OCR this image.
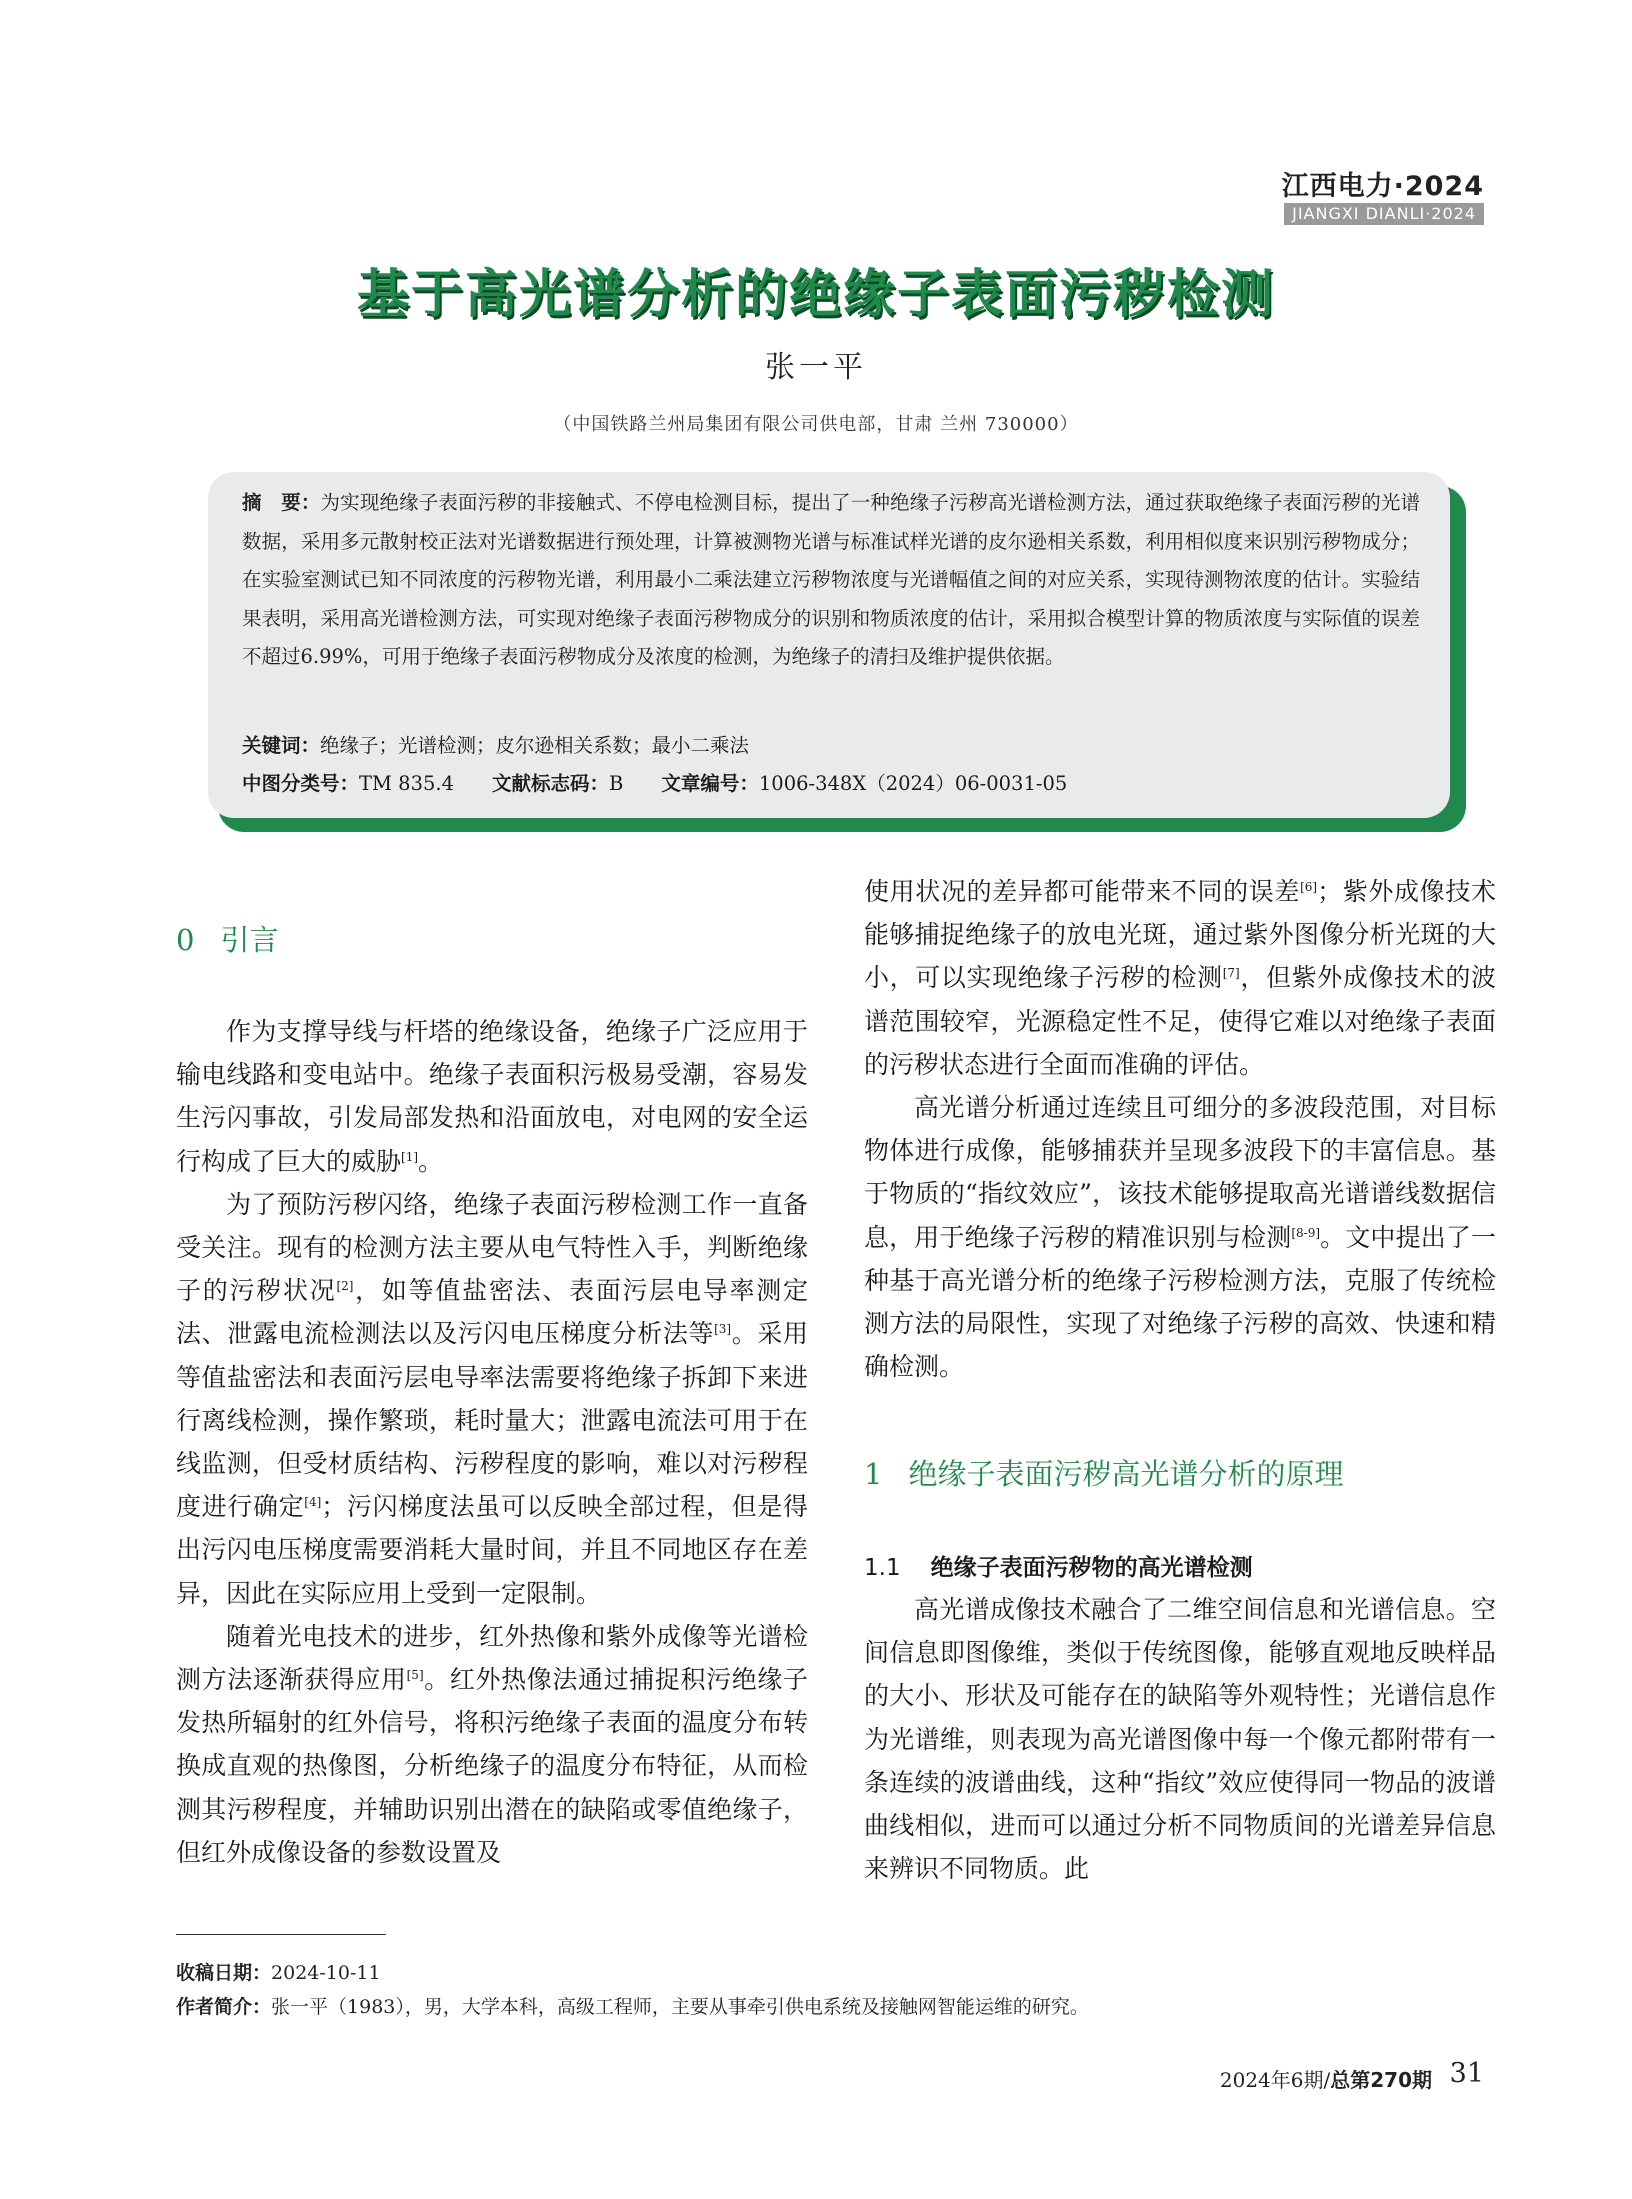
江西电力·2024
JIANGXI DIANLI·2024
基于高光谱分析的绝缘子表面污秽检测
张一平
（中国铁路兰州局集团有限公司供电部，甘肃 兰州 730000）
摘　要：为实现绝缘子表面污秽的非接触式、不停电检测目标，提出了一种绝缘子污秽高光谱检测方法，通过获取绝缘子表面污秽的光谱数据，采用多元散射校正法对光谱数据进行预处理，计算被测物光谱与标准试样光谱的皮尔逊相关系数，利用相似度来识别污秽物成分；在实验室测试已知不同浓度的污秽物光谱，利用最小二乘法建立污秽物浓度与光谱幅值之间的对应关系，实现待测物浓度的估计。实验结果表明，采用高光谱检测方法，可实现对绝缘子表面污秽物成分的识别和物质浓度的估计，采用拟合模型计算的物质浓度与实际值的误差不超过6.99%，可用于绝缘子表面污秽物成分及浓度的检测，为绝缘子的清扫及维护提供依据。
关键词：绝缘子；光谱检测；皮尔逊相关系数；最小二乘法
中图分类号：TM 835.4 文献标志码：B 文章编号：1006-348X（2024）06-0031-05
0 引言

作为支撑导线与杆塔的绝缘设备，绝缘子广泛应用于输电线路和变电站中。绝缘子表面积污极易受潮，容易发生污闪事故，引发局部发热和沿面放电，对电网的安全运行构成了巨大的威胁[1]。

为了预防污秽闪络，绝缘子表面污秽检测工作一直备受关注。现有的检测方法主要从电气特性入手，判断绝缘子的污秽状况[2]，如等值盐密法、表面污层电导率测定法、泄露电流检测法以及污闪电压梯度分析法等[3]。采用等值盐密法和表面污层电导率法需要将绝缘子拆卸下来进行离线检测，操作繁琐，耗时量大；泄露电流法可用于在线监测，但受材质结构、污秽程度的影响，难以对污秽程度进行确定[4]；污闪梯度法虽可以反映全部过程，但是得出污闪电压梯度需要消耗大量时间，并且不同地区存在差异，因此在实际应用上受到一定限制。

随着光电技术的进步，红外热像和紫外成像等光谱检测方法逐渐获得应用[5]。红外热像法通过捕捉积污绝缘子发热所辐射的红外信号，将积污绝缘子表面的温度分布转换成直观的热像图，分析绝缘子的温度分布特征，从而检测其污秽程度，并辅助识别出潜在的缺陷或零值绝缘子，但红外成像设备的参数设置及

使用状况的差异都可能带来不同的误差[6]；紫外成像技术能够捕捉绝缘子的放电光斑，通过紫外图像分析光斑的大小，可以实现绝缘子污秽的检测[7]，但紫外成像技术的波谱范围较窄，光源稳定性不足，使得它难以对绝缘子表面的污秽状态进行全面而准确的评估。

高光谱分析通过连续且可细分的多波段范围，对目标物体进行成像，能够捕获并呈现多波段下的丰富信息。基于物质的“指纹效应”，该技术能够提取高光谱谱线数据信息，用于绝缘子污秽的精准识别与检测[8-9]。文中提出了一种基于高光谱分析的绝缘子污秽检测方法，克服了传统检测方法的局限性，实现了对绝缘子污秽的高效、快速和精确检测。

1 绝缘子表面污秽高光谱分析的原理
1.1 绝缘子表面污秽物的高光谱检测

高光谱成像技术融合了二维空间信息和光谱信息。空间信息即图像维，类似于传统图像，能够直观地反映样品的大小、形状及可能存在的缺陷等外观特性；光谱信息作为光谱维，则表现为高光谱图像中每一个像元都附带有一条连续的波谱曲线，这种“指纹”效应使得同一物品的波谱曲线相似，进而可以通过分析不同物质间的光谱差异信息来辨识不同物质。此

收稿日期：2024-10-11
作者简介：张一平（1983），男，大学本科，高级工程师，主要从事牵引供电系统及接触网智能运维的研究。
2024年6期/总第270期 31
